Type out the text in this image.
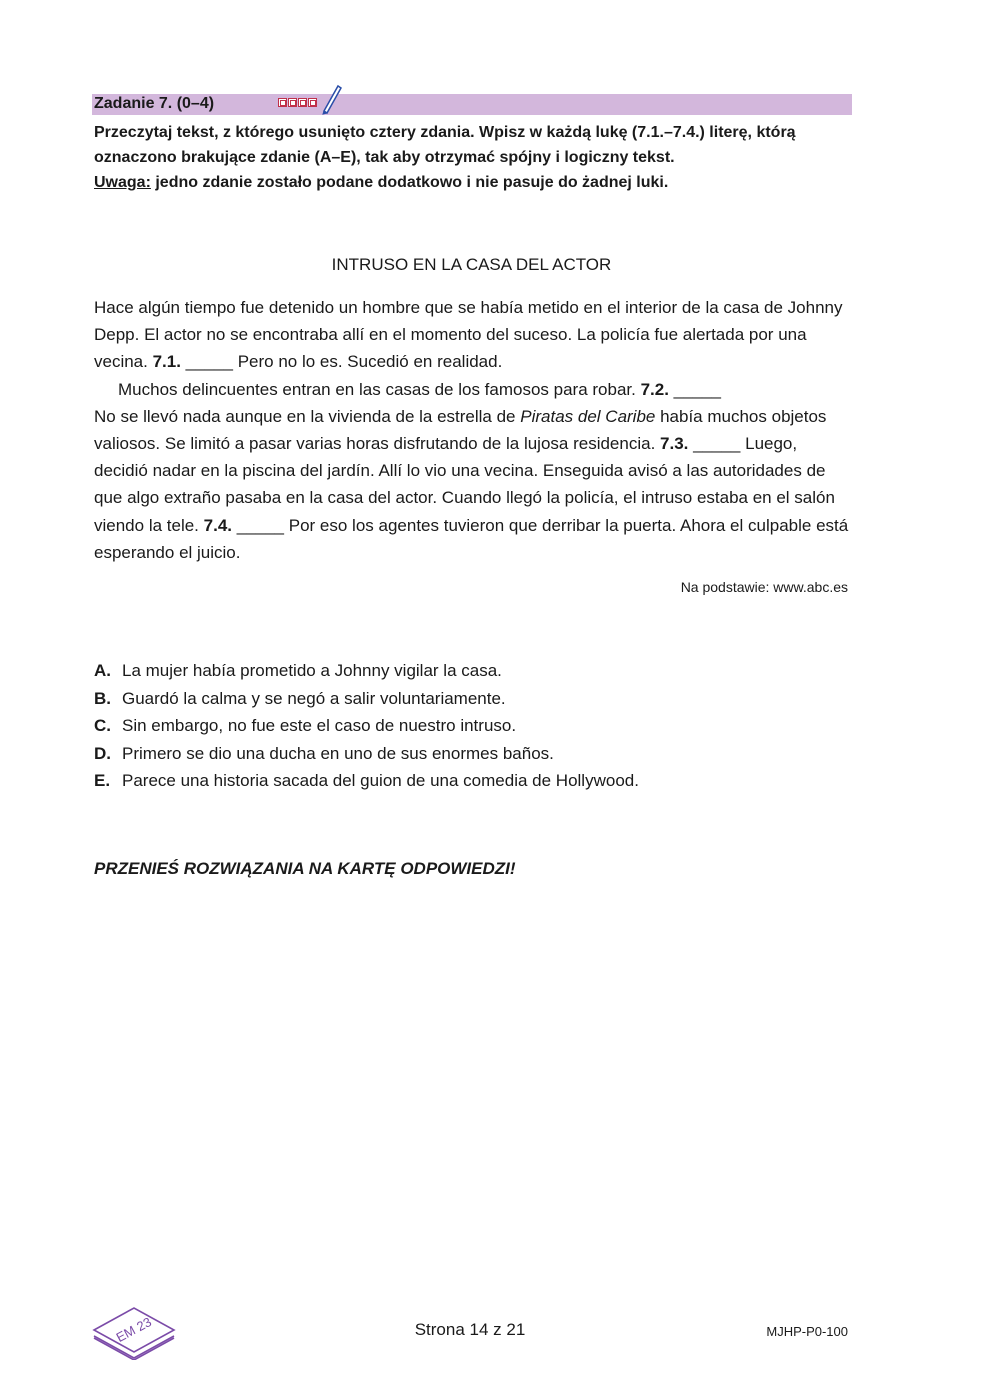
Zadanie 7. (0–4)

Przeczytaj tekst, z którego usunięto cztery zdania. Wpisz w każdą lukę (7.1.–7.4.) literę, którą oznaczono brakujące zdanie (A–E), tak aby otrzymać spójny i logiczny tekst.

Uwaga: jedno zdanie zostało podane dodatkowo i nie pasuje do żadnej luki.

INTRUSO EN LA CASA DEL ACTOR

Hace algún tiempo fue detenido un hombre que se había metido en el interior de la casa de Johnny Depp. El actor no se encontraba allí en el momento del suceso. La policía fue alertada por una vecina. 7.1. _____ Pero no lo es. Sucedió en realidad.

Muchos delincuentes entran en las casas de los famosos para robar. 7.2. _____
No se llevó nada aunque en la vivienda de la estrella de Piratas del Caribe había muchos objetos valiosos. Se limitó a pasar varias horas disfrutando de la lujosa residencia. 7.3. _____ Luego, decidió nadar en la piscina del jardín. Allí lo vio una vecina. Enseguida avisó a las autoridades de que algo extraño pasaba en la casa del actor. Cuando llegó la policía, el intruso estaba en el salón viendo la tele. 7.4. _____ Por eso los agentes tuvieron que derribar la puerta. Ahora el culpable está esperando el juicio.

Na podstawie: www.abc.es
A. La mujer había prometido a Johnny vigilar la casa.
B. Guardó la calma y se negó a salir voluntariamente.
C. Sin embargo, no fue este el caso de nuestro intruso.
D. Primero se dio una ducha en uno de sus enormes baños.
E. Parece una historia sacada del guion de una comedia de Hollywood.
PRZENIEŚ ROZWIĄZANIA NA KARTĘ ODPOWIEDZI!
EM 23	Strona 14 z 21	MJHP-P0-100
